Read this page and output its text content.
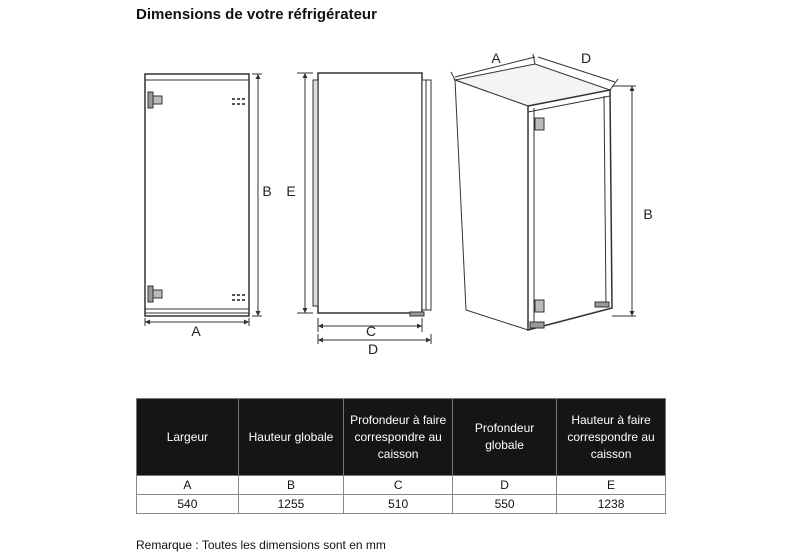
Dimensions de votre réfrigérateur
A
B E
C
D
A	D
B
Largeur	Hauteur globale	Profondeur à faire correspondre au caisson	Profondeur globale	Hauteur à faire correspondre au caisson
A	B	C	D	E
540	1255	510	550	1238
Remarque : Toutes les dimensions sont en mm
